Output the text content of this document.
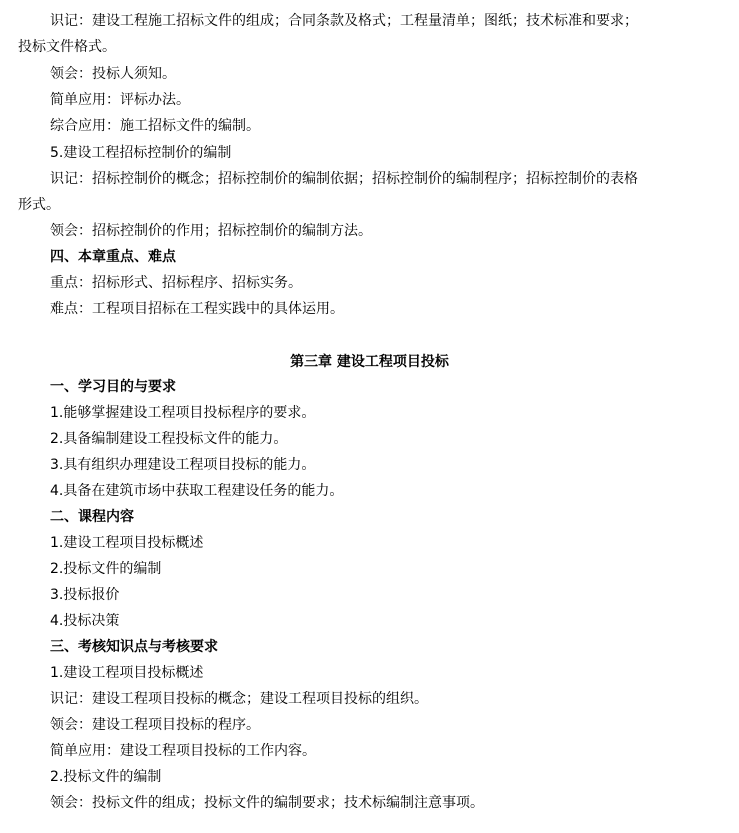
识记：建设工程施工招标文件的组成；合同条款及格式；工程量清单；图纸；技术标准和要求；
投标文件格式。
领会：投标人须知。
简单应用：评标办法。
综合应用：施工招标文件的编制。
5.建设工程招标控制价的编制
识记：招标控制价的概念；招标控制价的编制依据；招标控制价的编制程序；招标控制价的表格
形式。
领会：招标控制价的作用；招标控制价的编制方法。
四、本章重点、难点
重点：招标形式、招标程序、招标实务。
难点：工程项目招标在工程实践中的具体运用。
第三章 建设工程项目投标
一、学习目的与要求
1.能够掌握建设工程项目投标程序的要求。
2.具备编制建设工程投标文件的能力。
3.具有组织办理建设工程项目投标的能力。
4.具备在建筑市场中获取工程建设任务的能力。
二、课程内容
1.建设工程项目投标概述
2.投标文件的编制
3.投标报价
4.投标决策
三、考核知识点与考核要求
1.建设工程项目投标概述
识记：建设工程项目投标的概念；建设工程项目投标的组织。
领会：建设工程项目投标的程序。
简单应用：建设工程项目投标的工作内容。
2.投标文件的编制
领会：投标文件的组成；投标文件的编制要求；技术标编制注意事项。
